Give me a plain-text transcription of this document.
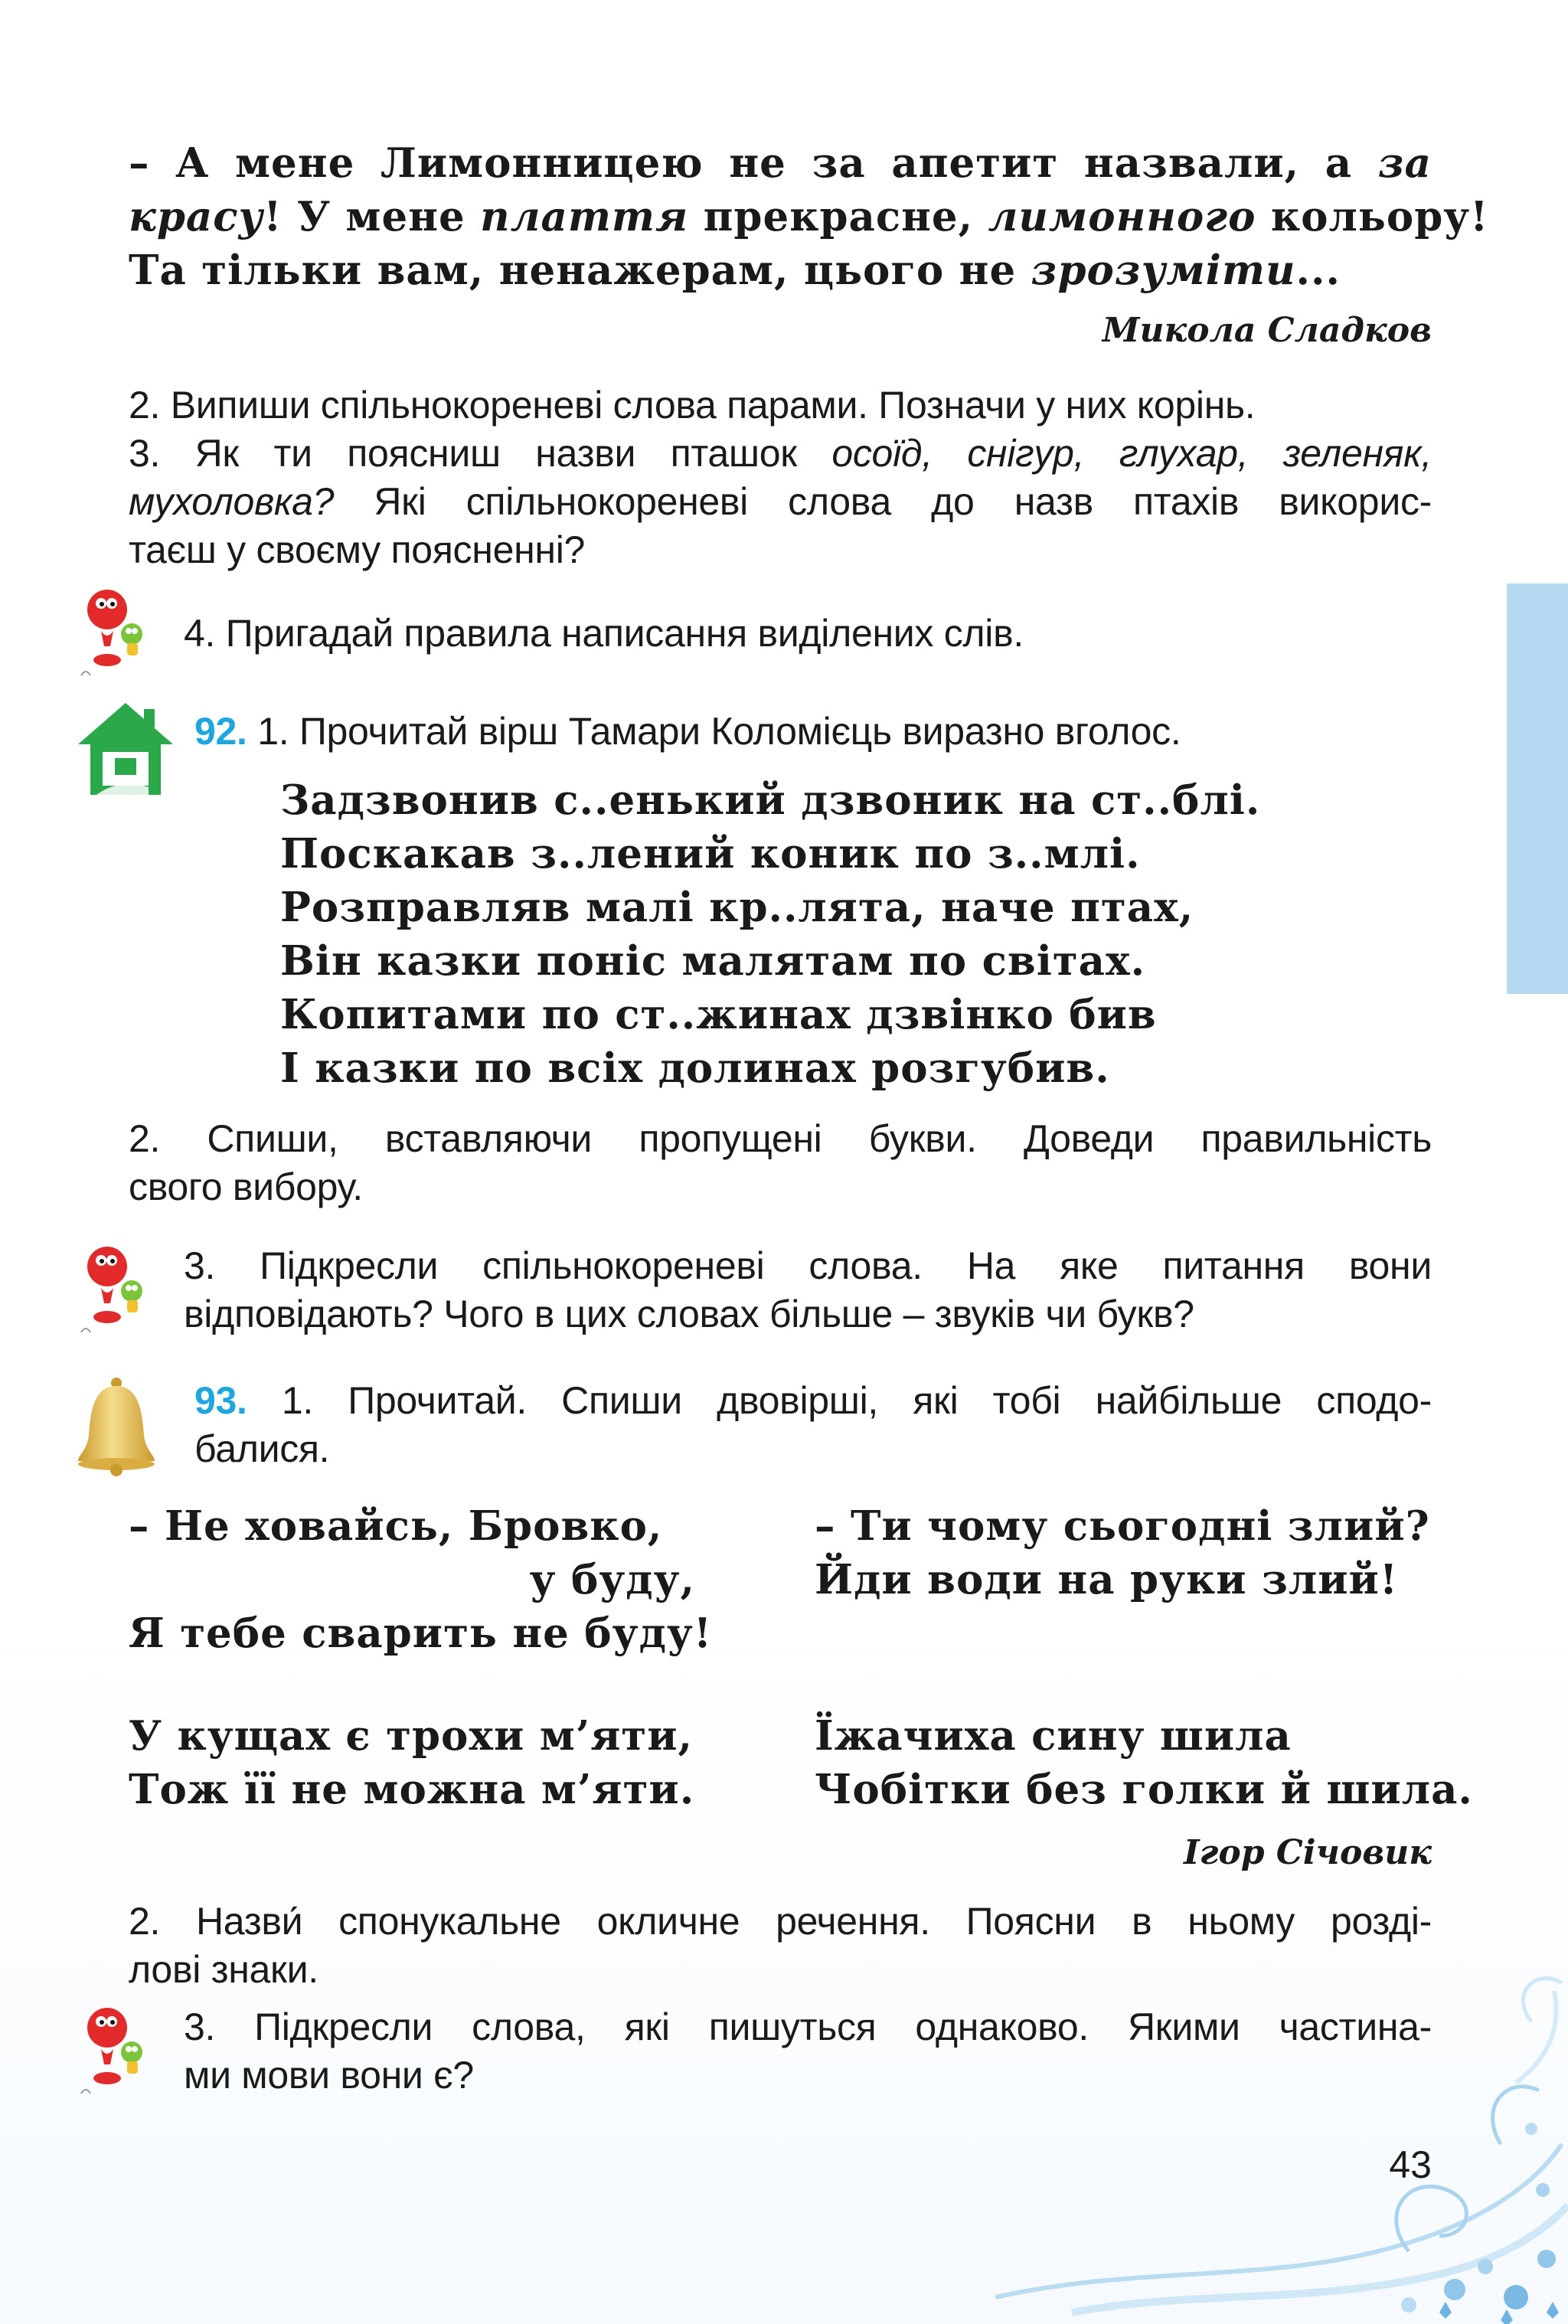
– А мене Лимонницею не за апетит назвали, а за
красу! У мене плаття прекрасне, лимонного кольору!
Та тільки вам, ненажерам, цього не зрозуміти...
Микола Сладков
2. Випиши спільнокореневі слова парами. Позначи у них корінь.
3. Як ти поясниш назви пташок осоїд, снігур, глухар, зеленяк,
мухоловка? Які спільнокореневі слова до назв птахів викорис-
таєш у своєму поясненні?
4. Пригадай правила написання виділених слів.
92. 1. Прочитай вірш Тамари Коломієць виразно вголос.
Задзвонив с..енький дзвоник на ст..блі.
Поскакав з..лений коник по з..млі.
Розправляв малі кр..лята, наче птах,
Він казки поніс малятам по світах.
Копитами по ст..жинах дзвінко бив
І казки по всіх долинах розгубив.
2. Спиши, вставляючи пропущені букви. Доведи правильність
свого вибору.
3. Підкресли спільнокореневі слова. На яке питання вони
відповідають? Чого в цих словах більше – звуків чи букв?
93. 1. Прочитай. Спиши двовірші, які тобі найбільше сподо-
балися.
– Не ховайсь, Бровко,
у буду,
Я тебе сварить не буду!
У кущах є трохи м’яти,
Тож її не можна м’яти.
– Ти чому сьогодні злий?
Йди води на руки злий!
Їжачиха сину шила
Чобітки без голки й шила.
Ігор Січовик
2. Назви́ спонукальне окличне речення. Поясни в ньому розді-
лові знаки.
3. Підкресли слова, які пишуться однаково. Якими частина-
ми мови вони є?
43
